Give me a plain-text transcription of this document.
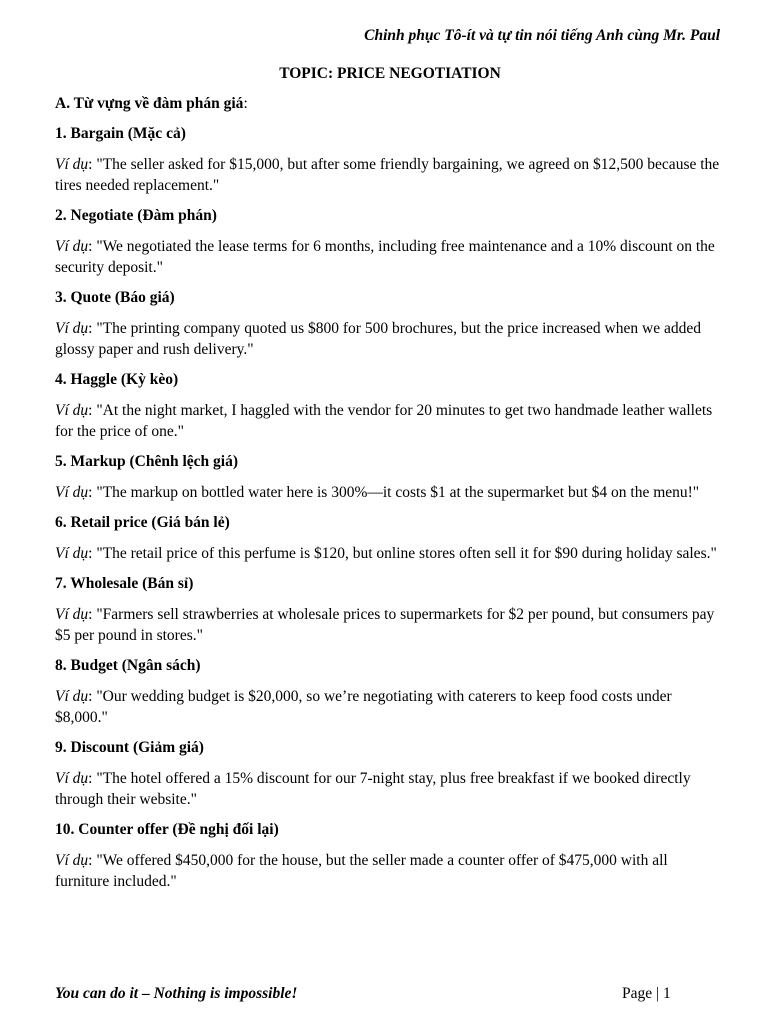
Chinh phục Tô-ít và tự tin nói tiếng Anh cùng Mr. Paul
TOPIC: PRICE NEGOTIATION
A. Từ vựng về đàm phán giá:
1. Bargain (Mặc cả)
Ví dụ: "The seller asked for $15,000, but after some friendly bargaining, we agreed on $12,500 because the tires needed replacement."
2. Negotiate (Đàm phán)
Ví dụ: "We negotiated the lease terms for 6 months, including free maintenance and a 10% discount on the security deposit."
3. Quote (Báo giá)
Ví dụ: "The printing company quoted us $800 for 500 brochures, but the price increased when we added glossy paper and rush delivery."
4. Haggle (Kỳ kèo)
Ví dụ: "At the night market, I haggled with the vendor for 20 minutes to get two handmade leather wallets for the price of one."
5. Markup (Chênh lệch giá)
Ví dụ: "The markup on bottled water here is 300%—it costs $1 at the supermarket but $4 on the menu!"
6. Retail price (Giá bán lẻ)
Ví dụ: "The retail price of this perfume is $120, but online stores often sell it for $90 during holiday sales."
7. Wholesale (Bán sỉ)
Ví dụ: "Farmers sell strawberries at wholesale prices to supermarkets for $2 per pound, but consumers pay $5 per pound in stores."
8. Budget (Ngân sách)
Ví dụ: "Our wedding budget is $20,000, so we’re negotiating with caterers to keep food costs under $8,000."
9. Discount (Giảm giá)
Ví dụ: "The hotel offered a 15% discount for our 7-night stay, plus free breakfast if we booked directly through their website."
10. Counter offer (Đề nghị đối lại)
Ví dụ: "We offered $450,000 for the house, but the seller made a counter offer of $475,000 with all furniture included."
You can do it – Nothing is impossible!	Page | 1
